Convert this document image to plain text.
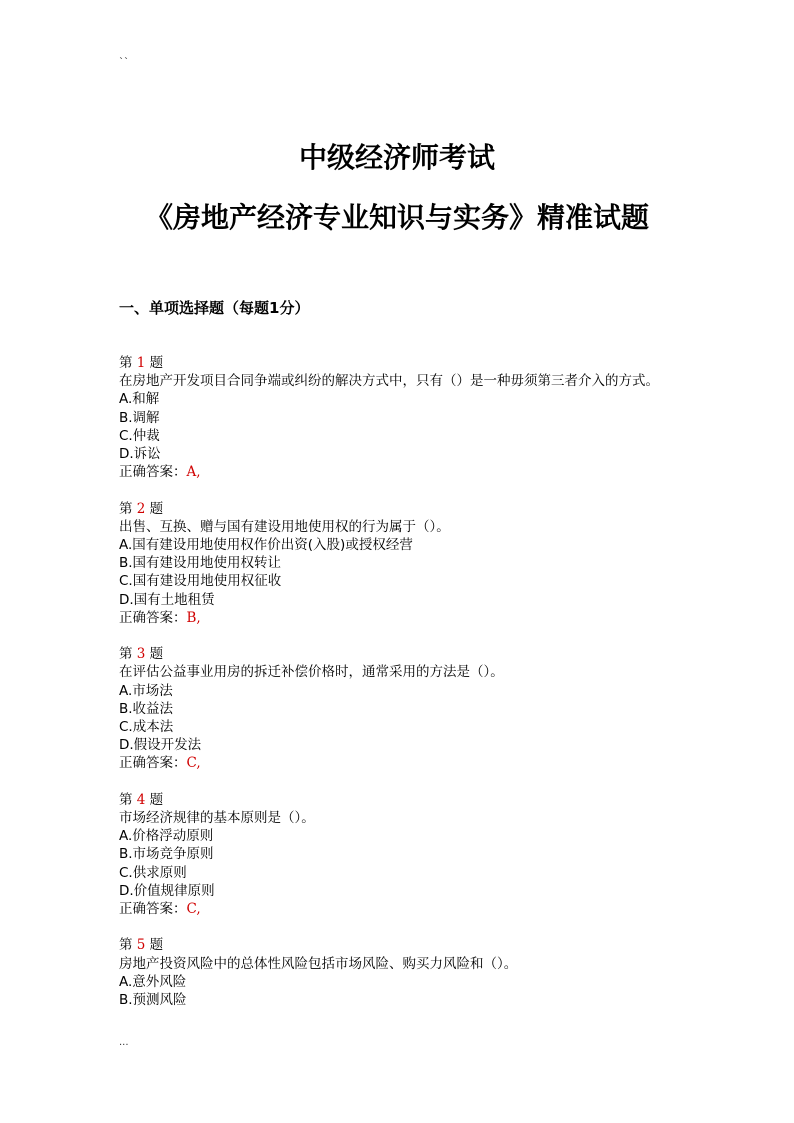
``
中级经济师考试
《房地产经济专业知识与实务》精准试题
一、单项选择题（每题1分）
第 1 题
在房地产开发项目合同争端或纠纷的解决方式中，只有（）是一种毋须第三者介入的方式。
A.和解
B.调解
C.仲裁
D.诉讼
正确答案：A,
第 2 题
出售、互换、赠与国有建设用地使用权的行为属于（）。
A.国有建设用地使用权作价出资(入股)或授权经营
B.国有建设用地使用权转让
C.国有建设用地使用权征收
D.国有土地租赁
正确答案：B,
第 3 题
在评估公益事业用房的拆迁补偿价格时，通常采用的方法是（）。
A.市场法
B.收益法
C.成本法
D.假设开发法
正确答案：C,
第 4 题
市场经济规律的基本原则是（）。
A.价格浮动原则
B.市场竞争原则
C.供求原则
D.价值规律原则
正确答案：C,
第 5 题
房地产投资风险中的总体性风险包括市场风险、购买力风险和（）。
A.意外风险
B.预测风险
...
